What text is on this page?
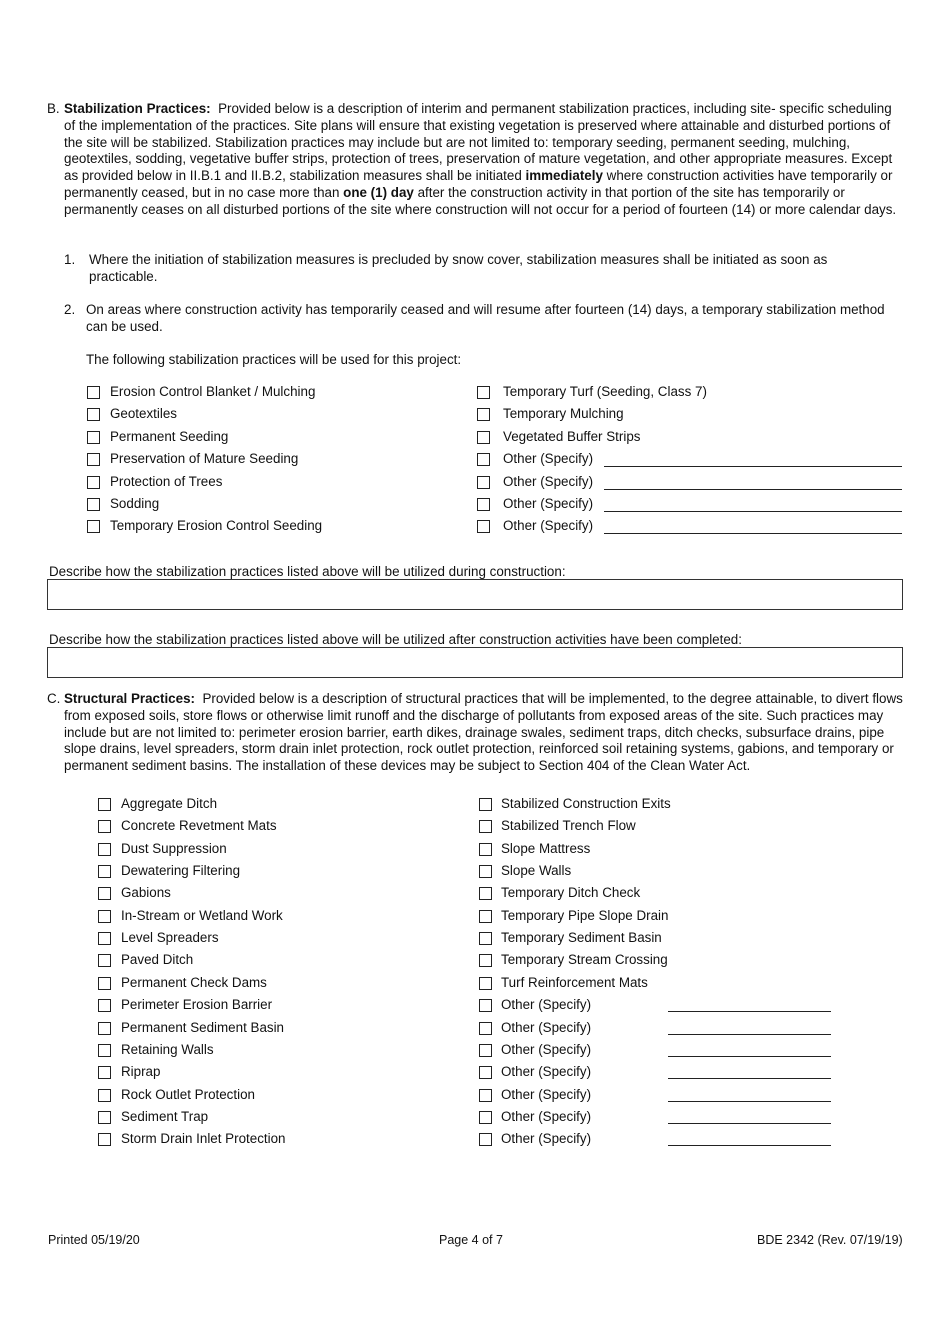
B. Stabilization Practices: Provided below is a description of interim and permanent stabilization practices, including site- specific scheduling of the implementation of the practices. Site plans will ensure that existing vegetation is preserved where attainable and disturbed portions of the site will be stabilized. Stabilization practices may include but are not limited to: temporary seeding, permanent seeding, mulching, geotextiles, sodding, vegetative buffer strips, protection of trees, preservation of mature vegetation, and other appropriate measures. Except as provided below in II.B.1 and II.B.2, stabilization measures shall be initiated immediately where construction activities have temporarily or permanently ceased, but in no case more than one (1) day after the construction activity in that portion of the site has temporarily or permanently ceases on all disturbed portions of the site where construction will not occur for a period of fourteen (14) or more calendar days.
1. Where the initiation of stabilization measures is precluded by snow cover, stabilization measures shall be initiated as soon as practicable.
2. On areas where construction activity has temporarily ceased and will resume after fourteen (14) days, a temporary stabilization method can be used.
The following stabilization practices will be used for this project:
Erosion Control Blanket / Mulching
Geotextiles
Permanent Seeding
Preservation of Mature Seeding
Protection of Trees
Sodding
Temporary Erosion Control Seeding
Temporary Turf (Seeding, Class 7)
Temporary Mulching
Vegetated Buffer Strips
Other (Specify)
Other (Specify)
Other (Specify)
Other (Specify)
Describe how the stabilization practices listed above will be utilized during construction:
Describe how the stabilization practices listed above will be utilized after construction activities have been completed:
C. Structural Practices: Provided below is a description of structural practices that will be implemented, to the degree attainable, to divert flows from exposed soils, store flows or otherwise limit runoff and the discharge of pollutants from exposed areas of the site. Such practices may include but are not limited to: perimeter erosion barrier, earth dikes, drainage swales, sediment traps, ditch checks, subsurface drains, pipe slope drains, level spreaders, storm drain inlet protection, rock outlet protection, reinforced soil retaining systems, gabions, and temporary or permanent sediment basins. The installation of these devices may be subject to Section 404 of the Clean Water Act.
Aggregate Ditch
Concrete Revetment Mats
Dust Suppression
Dewatering Filtering
Gabions
In-Stream or Wetland Work
Level Spreaders
Paved Ditch
Permanent Check Dams
Perimeter Erosion Barrier
Permanent Sediment Basin
Retaining Walls
Riprap
Rock Outlet Protection
Sediment Trap
Storm Drain Inlet Protection
Stabilized Construction Exits
Stabilized Trench Flow
Slope Mattress
Slope Walls
Temporary Ditch Check
Temporary Pipe Slope Drain
Temporary Sediment Basin
Temporary Stream Crossing
Turf Reinforcement Mats
Other (Specify)
Other (Specify)
Other (Specify)
Other (Specify)
Other (Specify)
Other (Specify)
Other (Specify)
Printed 05/19/20	Page 4 of 7	BDE 2342 (Rev. 07/19/19)
